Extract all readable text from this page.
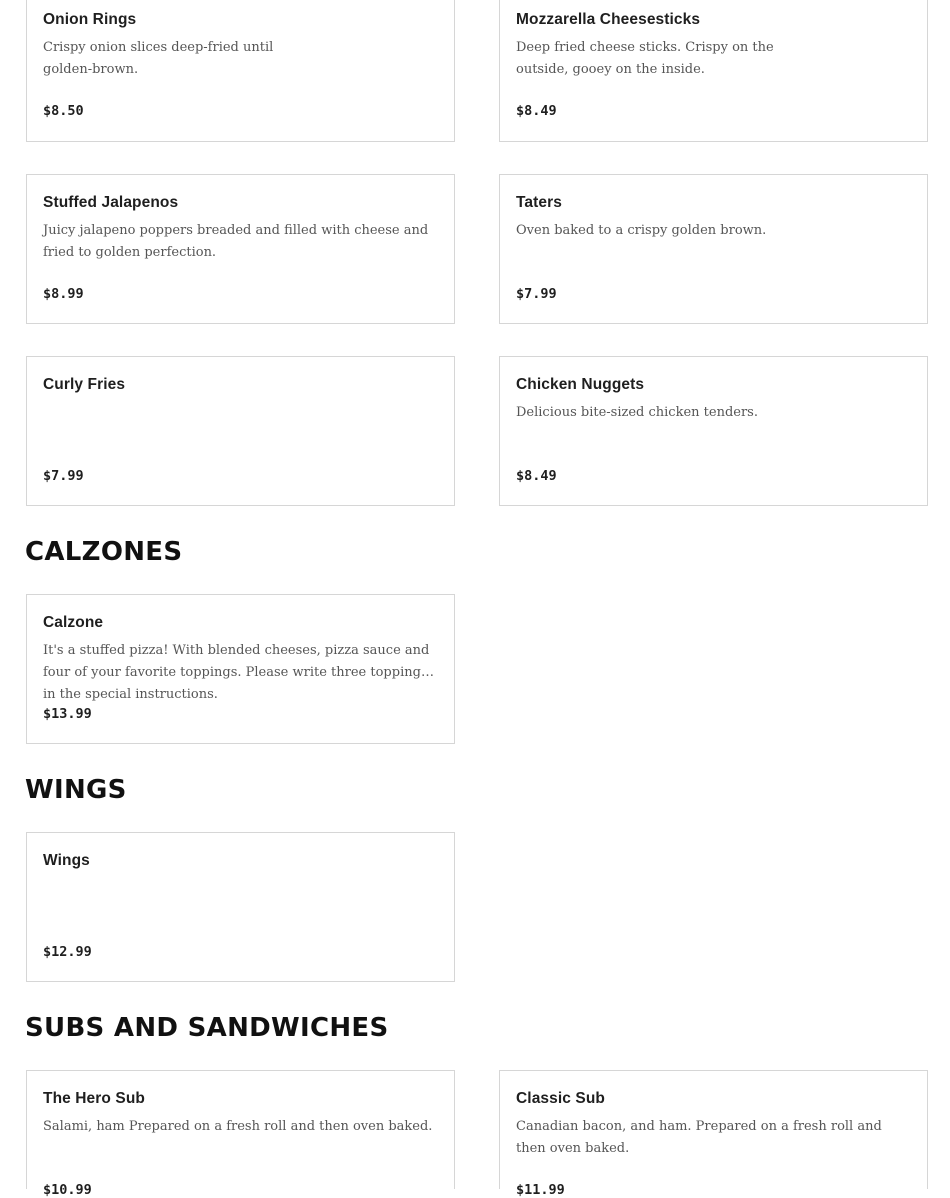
Onion Rings
Crispy onion slices deep-fried until golden-brown.
$8.50
Mozzarella Cheesesticks
Deep fried cheese sticks. Crispy on the outside, gooey on the inside.
$8.49
Stuffed Jalapenos
Juicy jalapeno poppers breaded and filled with cheese and fried to golden perfection.
$8.99
Taters
Oven baked to a crispy golden brown.
$7.99
Curly Fries
$7.99
Chicken Nuggets
Delicious bite-sized chicken tenders.
$8.49
CALZONES
Calzone
It's a stuffed pizza! With blended cheeses, pizza sauce and four of your favorite toppings. Please write three toppings in the special instructions.
$13.99
WINGS
Wings
$12.99
SUBS AND SANDWICHES
The Hero Sub
Salami, ham Prepared on a fresh roll and then oven baked.
$10.99
Classic Sub
Canadian bacon, and ham. Prepared on a fresh roll and then oven baked.
$11.99
